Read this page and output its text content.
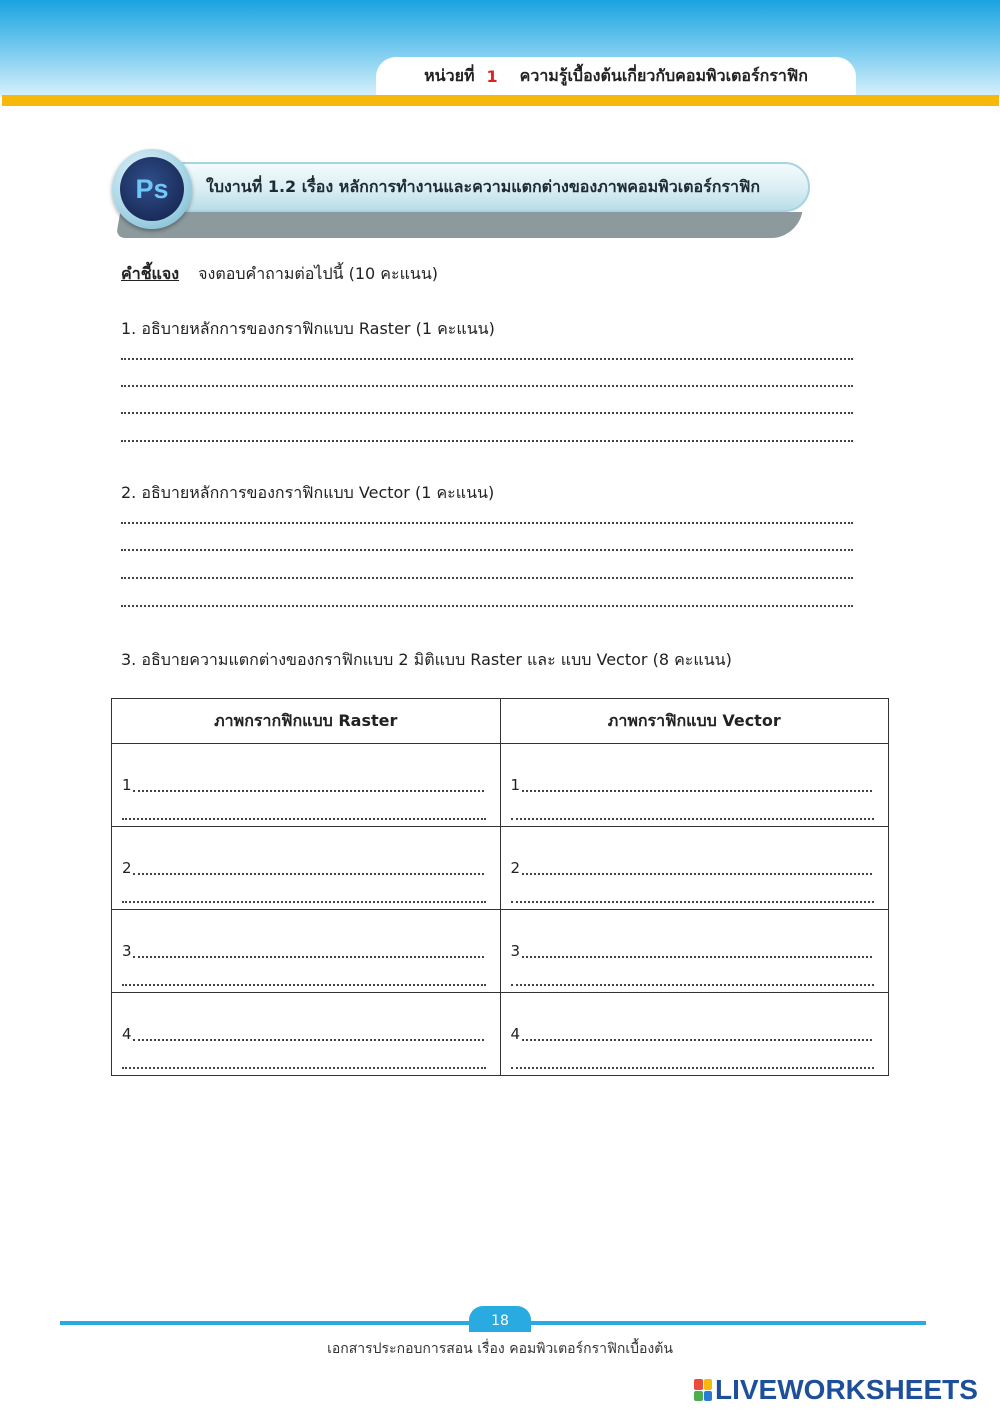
หน่วยที่ 1 ความรู้เบื้องต้นเกี่ยวกับคอมพิวเตอร์กราฟิก
ใบงานที่ 1.2 เรื่อง หลักการทำงานและความแตกต่างของภาพคอมพิวเตอร์กราฟิก
Ps
คำชี้แจง จงตอบคำถามต่อไปนี้ (10 คะแนน)
1. อธิบายหลักการของกราฟิกแบบ Raster (1 คะแนน)
2. อธิบายหลักการของกราฟิกแบบ Vector (1 คะแนน)
3. อธิบายความแตกต่างของกราฟิกแบบ 2 มิติแบบ Raster และ แบบ Vector (8 คะแนน)
ภาพกรากฟิกแบบ Raster	ภาพกราฟิกแบบ Vector

1	1

2	2

3	3

4	4
18
เอกสารประกอบการสอน เรื่อง คอมพิวเตอร์กราฟิกเบื้องต้น
LIVEWORKSHEETS
